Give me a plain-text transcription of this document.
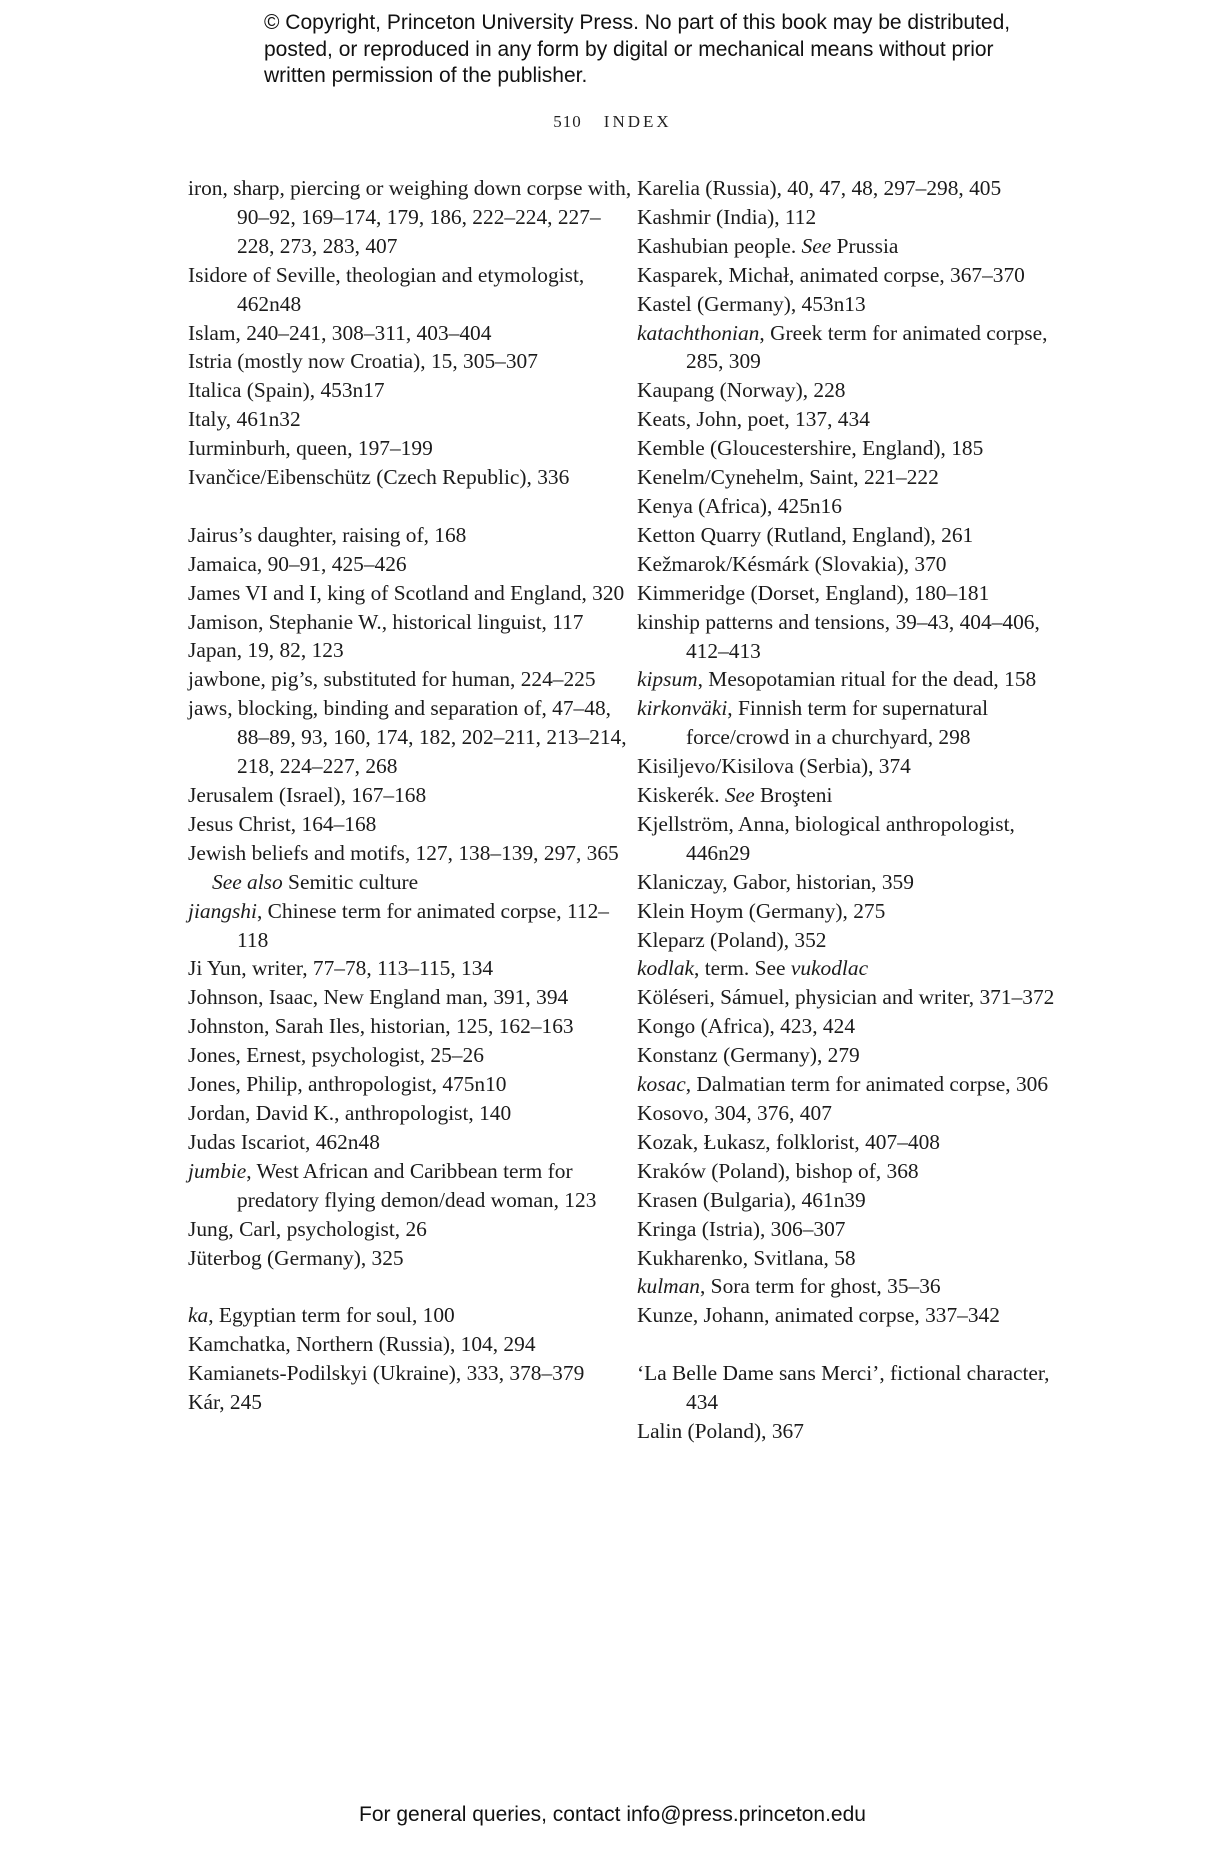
© Copyright, Princeton University Press. No part of this book may be distributed, posted, or reproduced in any form by digital or mechanical means without prior written permission of the publisher.
510 INDEX
iron, sharp, piercing or weighing down corpse with, 90–92, 169–174, 179, 186, 222–224, 227–228, 273, 283, 407
Isidore of Seville, theologian and etymologist, 462n48
Islam, 240–241, 308–311, 403–404
Istria (mostly now Croatia), 15, 305–307
Italica (Spain), 453n17
Italy, 461n32
Iurminburh, queen, 197–199
Ivančice/Eibenschütz (Czech Republic), 336
Jairus’s daughter, raising of, 168
Jamaica, 90–91, 425–426
James VI and I, king of Scotland and England, 320
Jamison, Stephanie W., historical linguist, 117
Japan, 19, 82, 123
jawbone, pig’s, substituted for human, 224–225
jaws, blocking, binding and separation of, 47–48, 88–89, 93, 160, 174, 182, 202–211, 213–214, 218, 224–227, 268
Jerusalem (Israel), 167–168
Jesus Christ, 164–168
Jewish beliefs and motifs, 127, 138–139, 297, 365
See also Semitic culture
jiangshi, Chinese term for animated corpse, 112–118
Ji Yun, writer, 77–78, 113–115, 134
Johnson, Isaac, New England man, 391, 394
Johnston, Sarah Iles, historian, 125, 162–163
Jones, Ernest, psychologist, 25–26
Jones, Philip, anthropologist, 475n10
Jordan, David K., anthropologist, 140
Judas Iscariot, 462n48
jumbie, West African and Caribbean term for predatory flying demon/dead woman, 123
Jung, Carl, psychologist, 26
Jüterbog (Germany), 325
ka, Egyptian term for soul, 100
Kamchatka, Northern (Russia), 104, 294
Kamianets-Podilskyi (Ukraine), 333, 378–379
Kár, 245
Karelia (Russia), 40, 47, 48, 297–298, 405
Kashmir (India), 112
Kashubian people. See Prussia
Kasparek, Michał, animated corpse, 367–370
Kastel (Germany), 453n13
katachthonian, Greek term for animated corpse, 285, 309
Kaupang (Norway), 228
Keats, John, poet, 137, 434
Kemble (Gloucestershire, England), 185
Kenelm/Cynehelm, Saint, 221–222
Kenya (Africa), 425n16
Ketton Quarry (Rutland, England), 261
Kežmarok/Késmárk (Slovakia), 370
Kimmeridge (Dorset, England), 180–181
kinship patterns and tensions, 39–43, 404–406, 412–413
kipsum, Mesopotamian ritual for the dead, 158
kirkonväki, Finnish term for supernatural force/crowd in a churchyard, 298
Kisiljevo/Kisilova (Serbia), 374
Kiskerék. See Broşteni
Kjellström, Anna, biological anthropologist, 446n29
Klaniczay, Gabor, historian, 359
Klein Hoym (Germany), 275
Kleparz (Poland), 352
kodlak, term. See vukodlac
Köléseri, Sámuel, physician and writer, 371–372
Kongo (Africa), 423, 424
Konstanz (Germany), 279
kosac, Dalmatian term for animated corpse, 306
Kosovo, 304, 376, 407
Kozak, Łukasz, folklorist, 407–408
Kraków (Poland), bishop of, 368
Krasen (Bulgaria), 461n39
Kringa (Istria), 306–307
Kukharenko, Svitlana, 58
kulman, Sora term for ghost, 35–36
Kunze, Johann, animated corpse, 337–342
‘La Belle Dame sans Merci’, fictional character, 434
Lalin (Poland), 367
For general queries, contact info@press.princeton.edu
